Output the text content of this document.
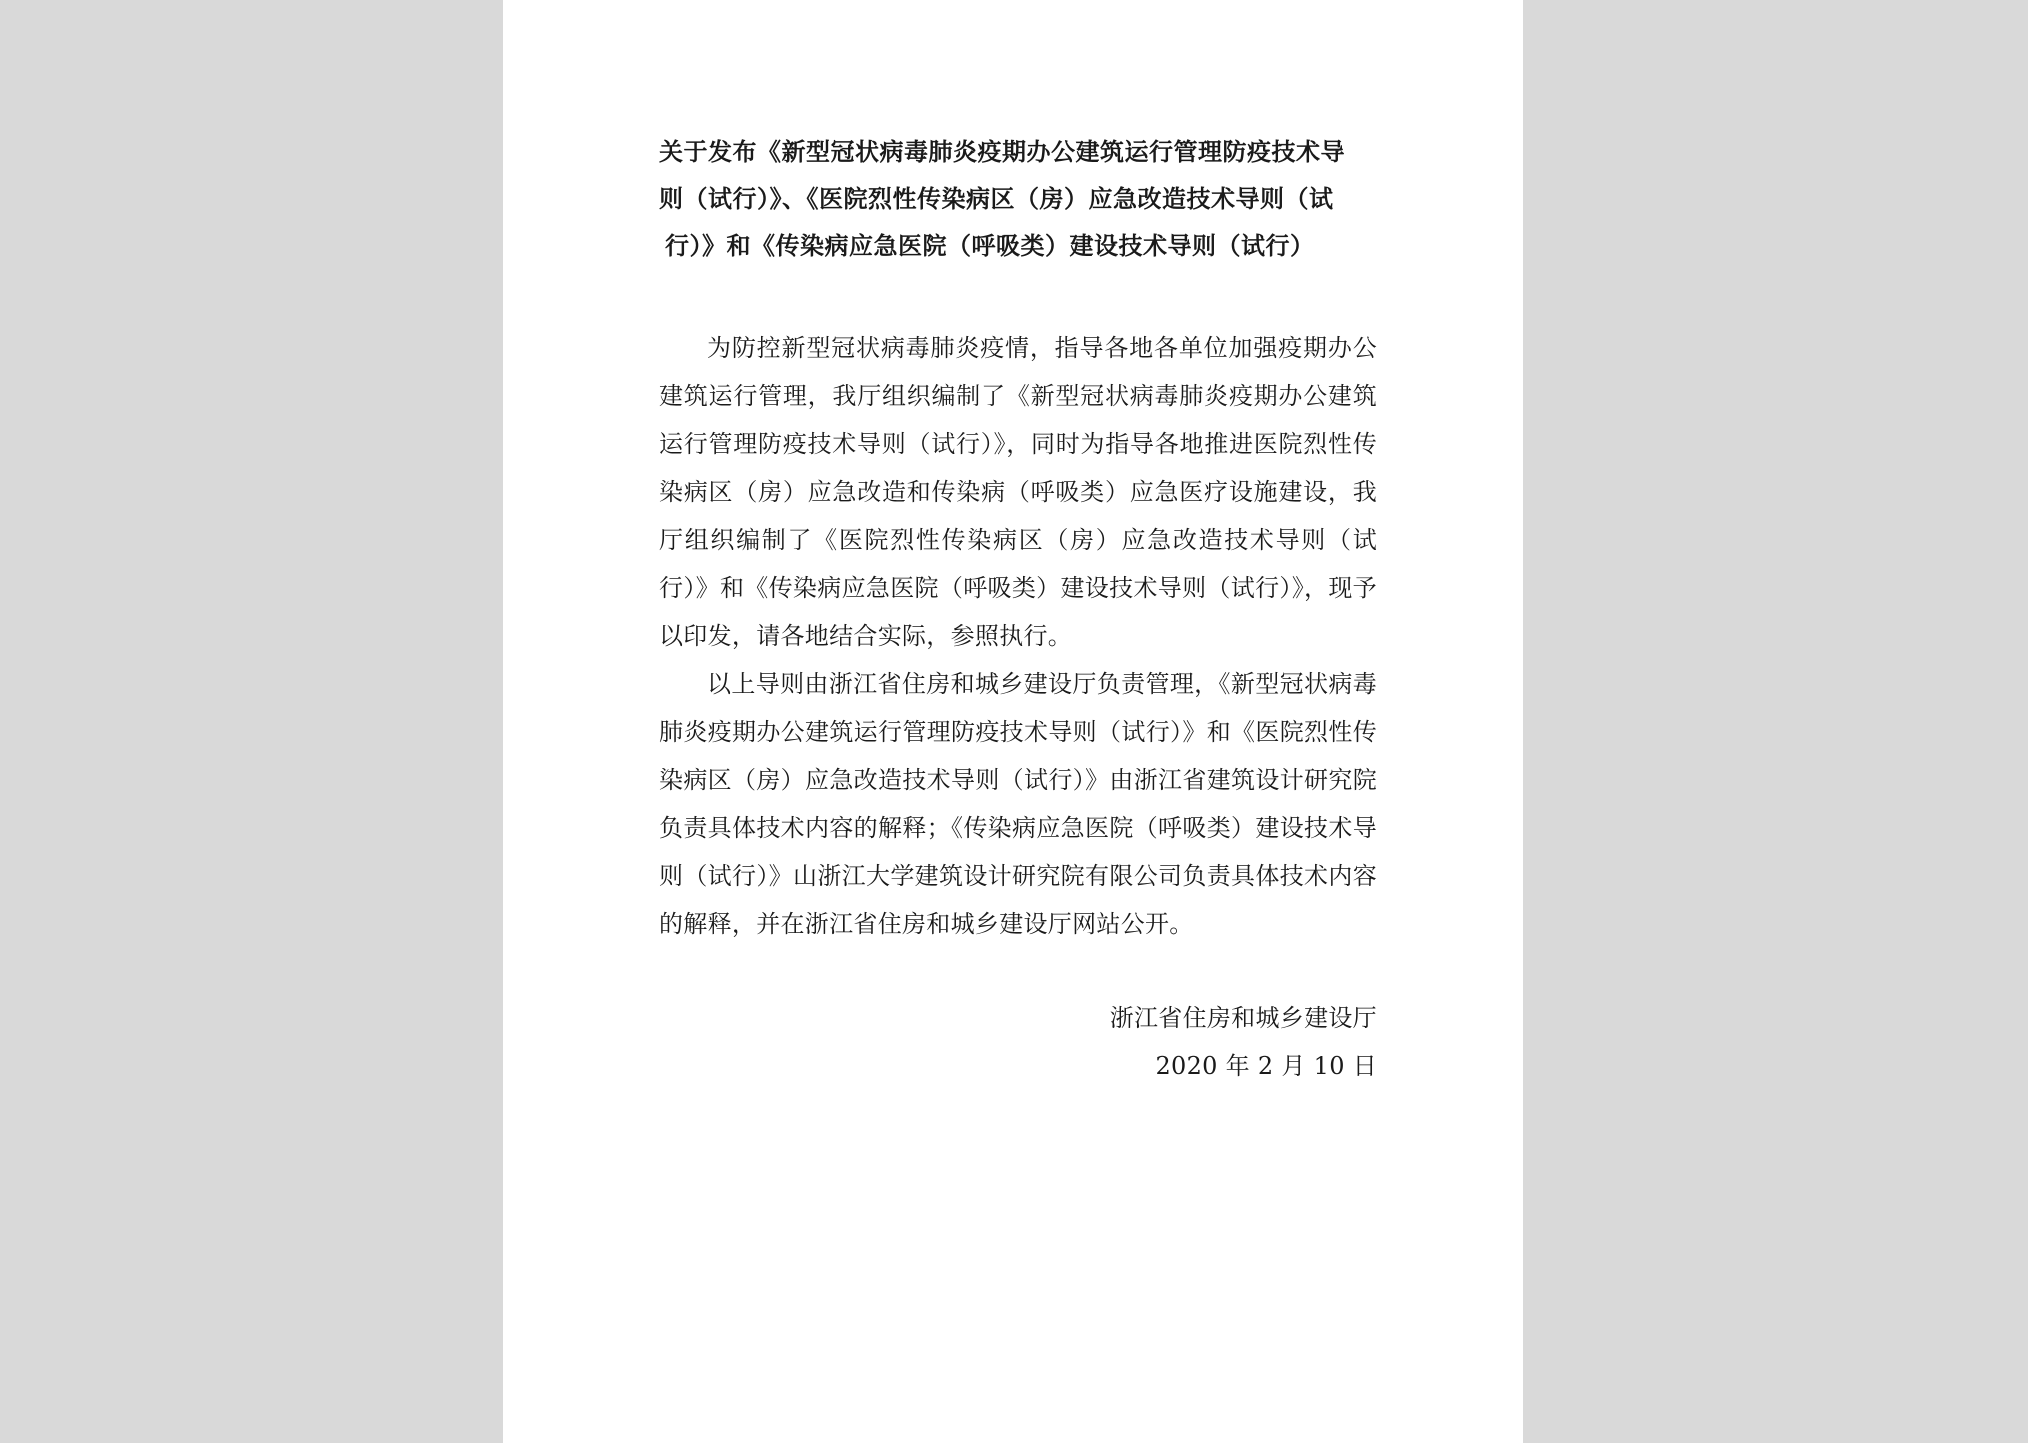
关于发布《新型冠状病毒肺炎疫期办公建筑运行管理防疫技术导
则（试行）》、《医院烈性传染病区（房）应急改造技术导则（试
行）》和《传染病应急医院（呼吸类）建设技术导则（试行）

为防控新型冠状病毒肺炎疫情，指导各地各单位加强疫期办公建筑运行管理，我厅组织编制了《新型冠状病毒肺炎疫期办公建筑运行管理防疫技术导则（试行）》，同时为指导各地推进医院烈性传染病区（房）应急改造和传染病（呼吸类）应急医疗设施建设，我厅组织编制了《医院烈性传染病区（房）应急改造技术导则（试行）》和《传染病应急医院（呼吸类）建设技术导则（试行）》，现予以印发，请各地结合实际，参照执行。

以上导则由浙江省住房和城乡建设厅负责管理，《新型冠状病毒肺炎疫期办公建筑运行管理防疫技术导则（试行）》和《医院烈性传染病区（房）应急改造技术导则（试行）》由浙江省建筑设计研究院负责具体技术内容的解释；《传染病应急医院（呼吸类）建设技术导则（试行）》山浙江大学建筑设计研究院有限公司负责具体技术内容的解释，并在浙江省住房和城乡建设厅网站公开。

浙江省住房和城乡建设厅
2020 年 2 月 10 日
